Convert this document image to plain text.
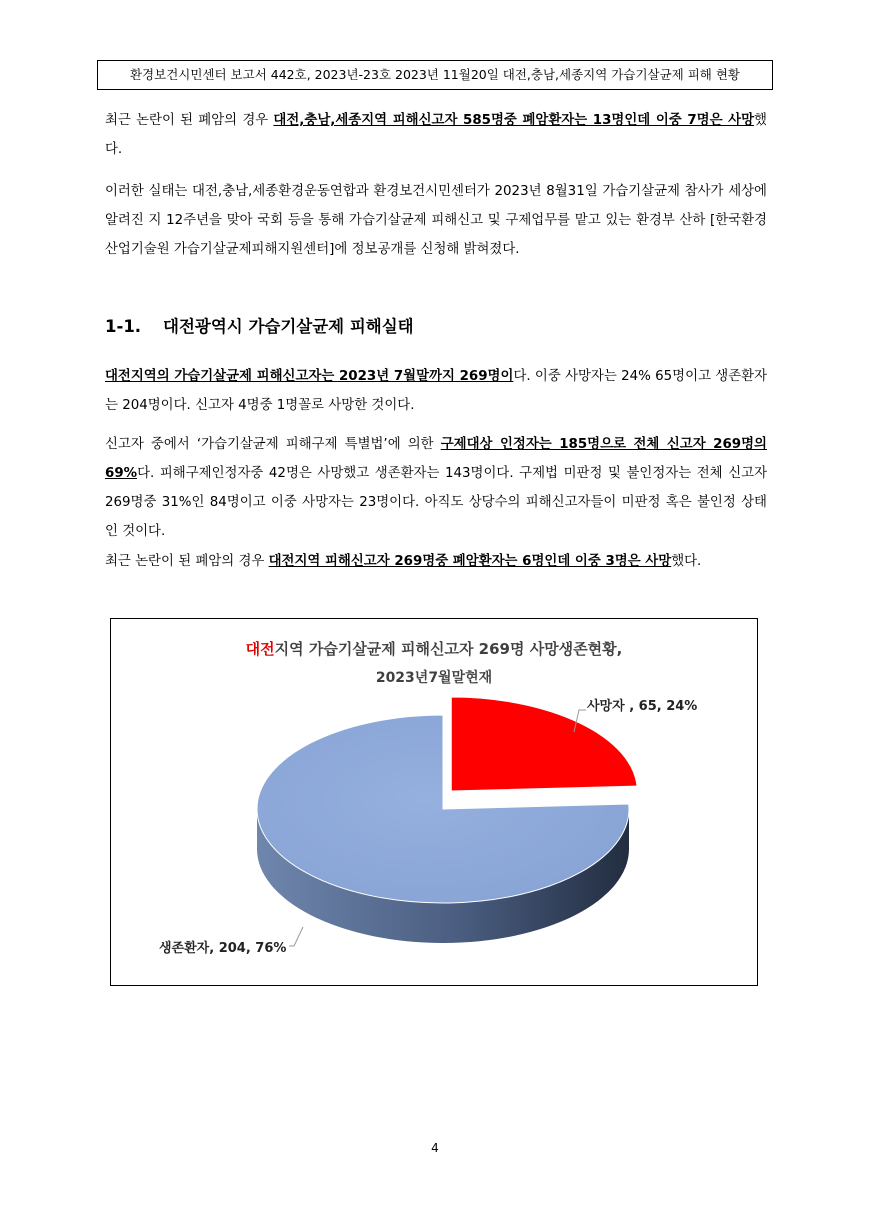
환경보건시민센터 보고서 442호, 2023년-23호 2023년 11월20일 대전,충남,세종지역 가습기살균제 피해 현황

최근 논란이 된 폐암의 경우 대전,충남,세종지역 피해신고자 585명중 폐암환자는 13명인데 이중 7명은 사망했다.

이러한 실태는 대전,충남,세종환경운동연합과 환경보건시민센터가 2023년 8월31일 가습기살균제 참사가 세상에 알려진 지 12주년을 맞아 국회 등을 통해 가습기살균제 피해신고 및 구제업무를 맡고 있는 환경부 산하 [한국환경산업기술원 가습기살균제피해지원센터]에 정보공개를 신청해 밝혀졌다.

1-1. 대전광역시 가습기살균제 피해실태

대전지역의 가습기살균제 피해신고자는 2023년 7월말까지 269명이다. 이중 사망자는 24% 65명이고 생존환자는 204명이다. 신고자 4명중 1명꼴로 사망한 것이다.

신고자 중에서 ‘가습기살균제 피해구제 특별법’에 의한 구제대상 인정자는 185명으로 전체 신고자 269명의 69%다. 피해구제인정자중 42명은 사망했고 생존환자는 143명이다. 구제법 미판정 및 불인정자는 전체 신고자 269명중 31%인 84명이고 이중 사망자는 23명이다. 아직도 상당수의 피해신고자들이 미판정 혹은 불인정 상태인 것이다.

최근 논란이 된 폐암의 경우 대전지역 피해신고자 269명중 폐암환자는 6명인데 이중 3명은 사망했다.

대전지역 가습기살균제 피해신고자 269명 사망생존현황,
2023년7월말현재
사망자 , 65, 24%
생존환자, 204, 76%
4
